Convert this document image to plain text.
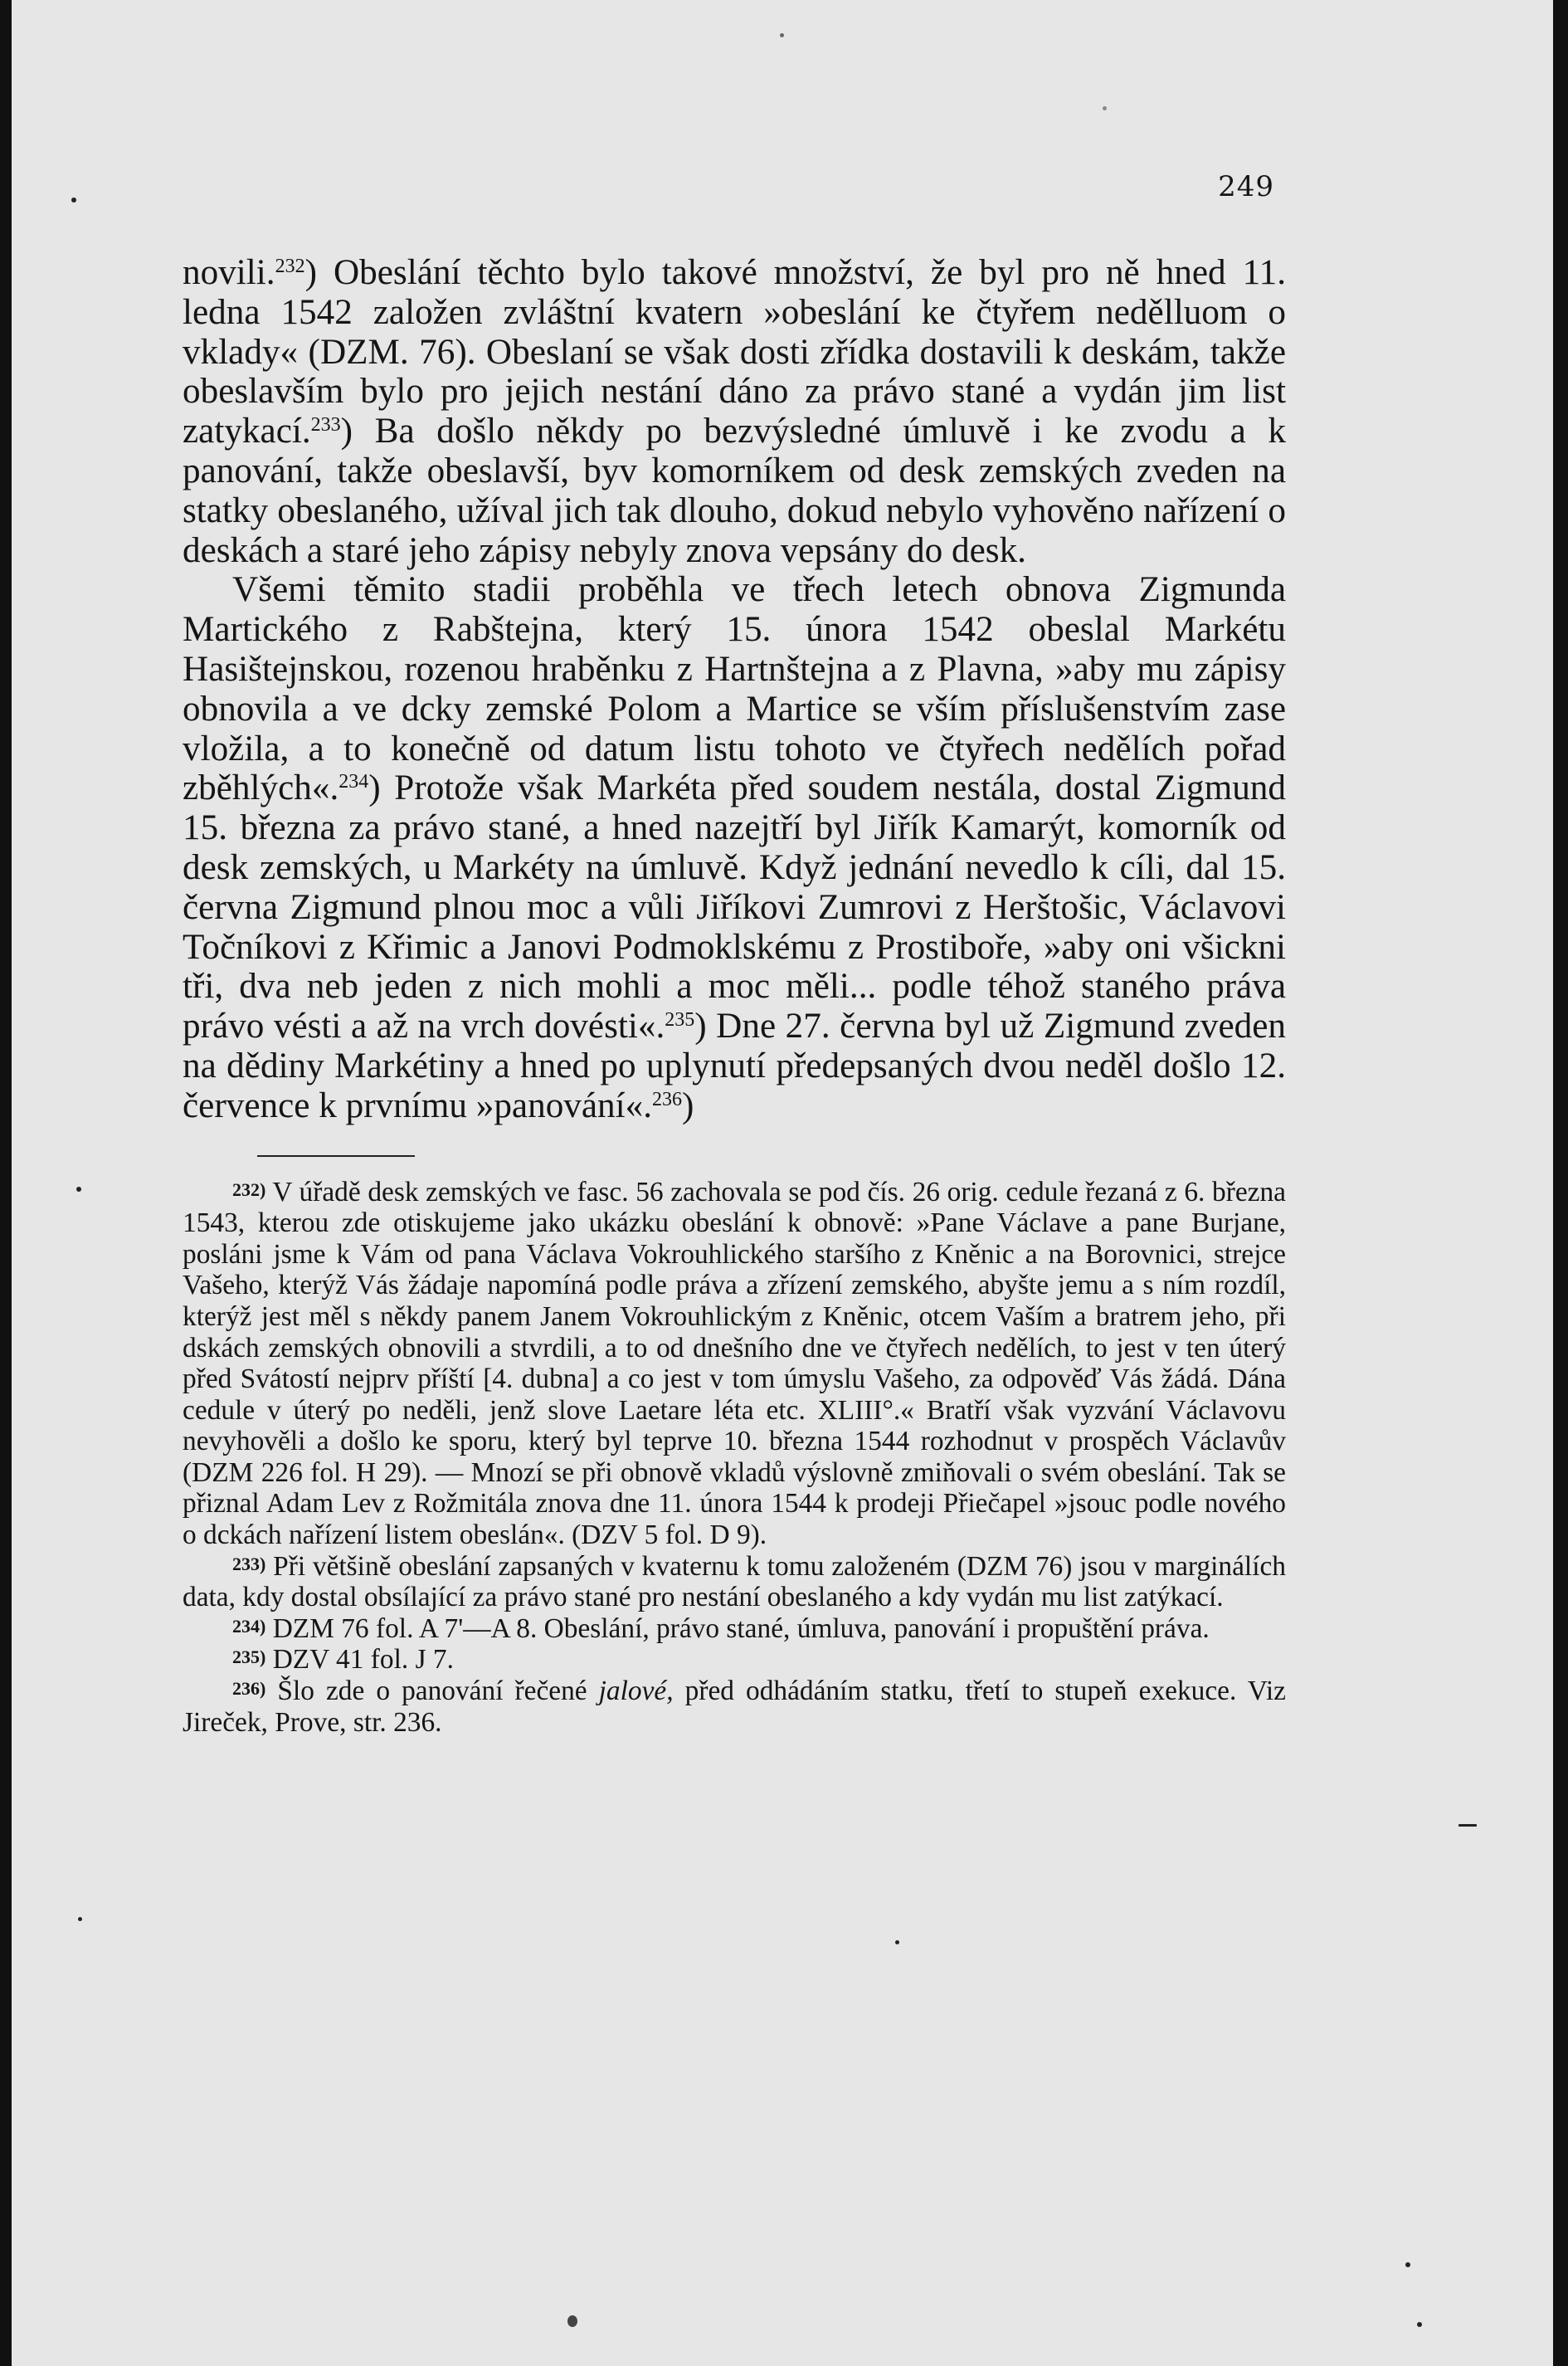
249

novili.$^{232}$) Obeslání těchto bylo takové množství, že byl pro ně hned 11. ledna 1542 založen zvláštní kvatern »obeslání ke čtyřem nedělluom o vklady« (DZM. 76). Obeslaní se však dosti zřídka dostavili k deskám, takže obeslavším bylo pro jejich nestání dáno za právo stané a vydán jim list zatykací.$^{233}$) Ba došlo někdy po bezvýsledné úmluvě i ke zvodu a k panování, takže obeslavší, byv komorníkem od desk zemských zveden na statky obeslaného, užíval jich tak dlouho, dokud nebylo vyhověno nařízení o deskách a staré jeho zápisy nebyly znova vepsány do desk.

Všemi těmito stadii proběhla ve třech letech obnova Zigmunda Martického z Rabštejna, který 15. února 1542 obeslal Markétu Hasištejnskou, rozenou hraběnku z Hartnštejna a z Plavna, »aby mu zápisy obnovila a ve dcky zemské Polom a Martice se vším příslušenstvím zase vložila, a to konečně od datum listu tohoto ve čtyřech nedělích pořad zběhlých«.$^{234}$) Protože však Markéta před soudem nestála, dostal Zigmund 15. března za právo stané, a hned nazejtří byl Jiřík Kamarýt, komorník od desk zemských, u Markéty na úmluvě. Když jednání nevedlo k cíli, dal 15. června Zigmund plnou moc a vůli Jiříkovi Zumrovi z Herštošic, Václavovi Točníkovi z Křimic a Janovi Podmoklskému z Prostiboře, »aby oni všickni tři, dva neb jeden z nich mohli a moc měli... podle téhož staného práva právo vésti a až na vrch dovésti«.$^{235}$) Dne 27. června byl už Zigmund zveden na dědiny Markétiny a hned po uplynutí předepsaných dvou neděl došlo 12. července k prvnímu »panování«.$^{236}$)

232) V úřadě desk zemských ve fasc. 56 zachovala se pod čís. 26 orig. cedule řezaná z 6. března 1543, kterou zde otiskujeme jako ukázku obeslání k obnově: »Pane Václave a pane Burjane, posláni jsme k Vám od pana Václava Vokrouhlického staršího z Kněnic a na Borovnici, strejce Vašeho, kterýž Vás žádaje napomíná podle práva a zřízení zemského, abyšte jemu a s ním rozdíl, kterýž jest měl s někdy panem Janem Vokrouhlickým z Kněnic, otcem Vaším a bratrem jeho, při dskách zemských obnovili a stvrdili, a to od dnešního dne ve čtyřech nedělích, to jest v ten úterý před Svátostí nejprv příští [4. dubna] a co jest v tom úmyslu Vašeho, za odpověď Vás žádá. Dána cedule v úterý po neděli, jenž slove Laetare léta etc. XLIII°.« Bratří však vyzvání Václavovu nevyhověli a došlo ke sporu, který byl teprve 10. března 1544 rozhodnut v prospěch Václavův (DZM 226 fol. H 29). — Mnozí se při obnově vkladů výslovně zmiňovali o svém obeslání. Tak se přiznal Adam Lev z Rožmitála znova dne 11. února 1544 k prodeji Přiečapel »jsouc podle nového o dckách nařízení listem obeslán«. (DZV 5 fol. D 9).

233) Při většině obeslání zapsaných v kvaternu k tomu založeném (DZM 76) jsou v marginálích data, kdy dostal obsílající za právo stané pro nestání obeslaného a kdy vydán mu list zatýkací.

234) DZM 76 fol. A 7'—A 8. Obeslání, právo stané, úmluva, panování i propuštění práva.

235) DZV 41 fol. J 7.

236) Šlo zde o panování řečené jalové, před odhádáním statku, třetí to stupeň exekuce. Viz Jireček, Prove, str. 236.
